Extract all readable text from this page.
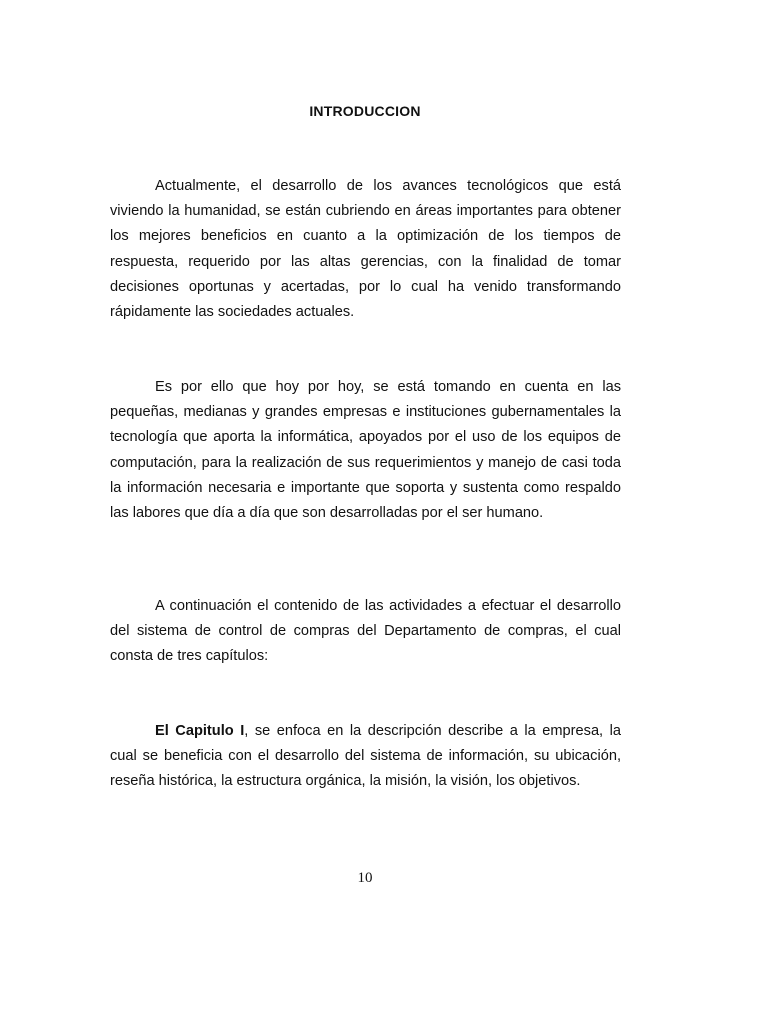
INTRODUCCION

Actualmente, el desarrollo de los avances tecnológicos que está viviendo la humanidad, se están cubriendo en áreas importantes para obtener los mejores beneficios en cuanto a la optimización de los tiempos de respuesta, requerido por las altas gerencias, con la finalidad de tomar decisiones oportunas y acertadas, por lo cual ha venido transformando rápidamente las sociedades actuales.

Es por ello que hoy por hoy, se está tomando en cuenta en las pequeñas, medianas y grandes empresas e instituciones gubernamentales la tecnología que aporta la informática, apoyados por el uso de los equipos de computación, para la realización de sus requerimientos y manejo de casi toda la información necesaria e importante que soporta y sustenta como respaldo las labores que día a día que son desarrolladas por el ser humano.

A continuación el contenido de las actividades a efectuar el desarrollo del sistema de control de compras del Departamento de compras, el cual consta de tres capítulos:

El Capitulo I, se enfoca en la descripción describe a la empresa, la cual se beneficia con el desarrollo del sistema de información, su ubicación, reseña histórica, la estructura orgánica, la misión, la visión, los objetivos.

10
